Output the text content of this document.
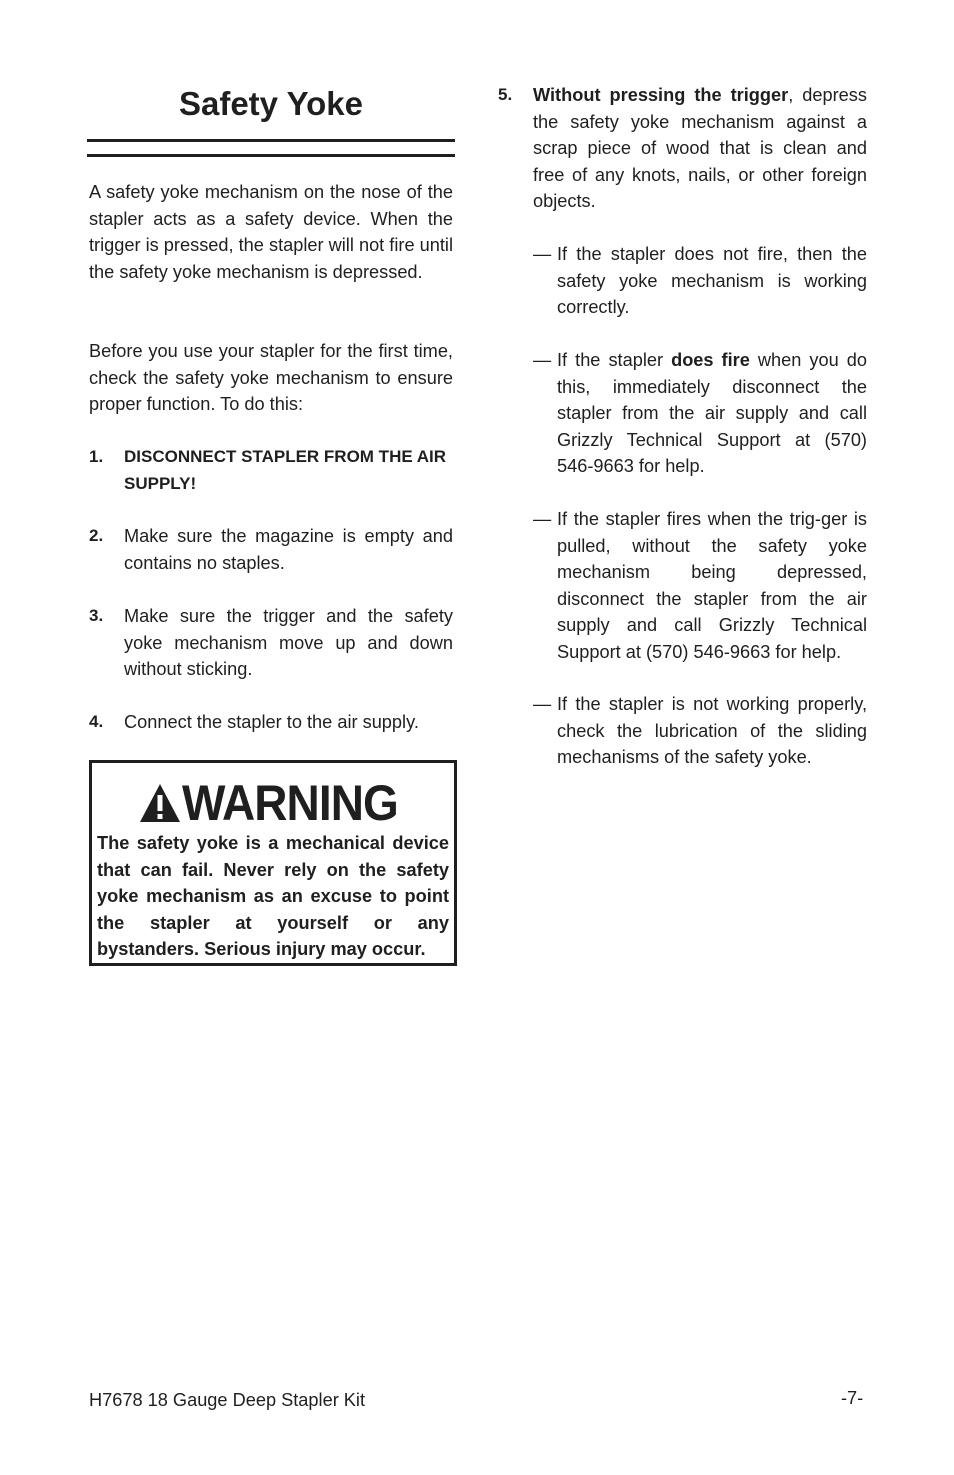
Safety Yoke

A safety yoke mechanism on the nose of the stapler acts as a safety device. When the trigger is pressed, the stapler will not fire until the safety yoke mechanism is depressed.

Before you use your stapler for the first time, check the safety yoke mechanism to ensure proper function. To do this:

1. DISCONNECT STAPLER FROM THE AIR SUPPLY!

2. Make sure the magazine is empty and contains no staples.

3. Make sure the trigger and the safety yoke mechanism move up and down without sticking.

4. Connect the stapler to the air supply.

WARNING

The safety yoke is a mechanical device that can fail. Never rely on the safety yoke mechanism as an excuse to point the stapler at yourself or any bystanders. Serious injury may occur.

5. Without pressing the trigger, depress the safety yoke mechanism against a scrap piece of wood that is clean and free of any knots, nails, or other foreign objects.

— If the stapler does not fire, then the safety yoke mechanism is working correctly.

— If the stapler does fire when you do this, immediately disconnect the stapler from the air supply and call Grizzly Technical Support at (570) 546-9663 for help.

— If the stapler fires when the trig-ger is pulled, without the safety yoke mechanism being depressed, disconnect the stapler from the air supply and call Grizzly Technical Support at (570) 546-9663 for help.

— If the stapler is not working properly, check the lubrication of the sliding mechanisms of the safety yoke.

H7678 18 Gauge Deep Stapler Kit	-7-
